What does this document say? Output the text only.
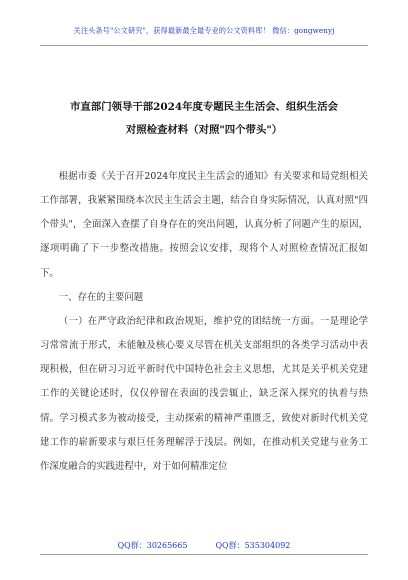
关注头条号"公文研究"，获得最新最全最专业的公文资料库！ 微信：gongwenyj
市直部门领导干部2024年度专题民主生活会、组织生活会
对照检查材料（对照"四个带头"）

根据市委《关于召开2024年度民主生活会的通知》有关要求和局党组相关工作部署，我紧紧围绕本次民主生活会主题，结合自身实际情况，认真对照"四个带头"，全面深入查摆了自身存在的突出问题，认真分析了问题产生的原因，逐项明确了下一步整改措施。按照会议安排，现将个人对照检查情况汇报如下。

一、存在的主要问题

（一）在严守政治纪律和政治规矩，维护党的团结统一方面。一是理论学习常常流于形式，未能触及核心要义尽管在机关支部组织的各类学习活动中表现积极，但在研习习近平新时代中国特色社会主义思想，尤其是关乎机关党建工作的关键论述时，仅仅停留在表面的浅尝辄止，缺乏深入探究的执着与热情。学习模式多为被动接受，主动探索的精神严重匮乏，致使对新时代机关党建工作的崭新要求与艰巨任务理解浮于浅层。例如，在推动机关党建与业务工作深度融合的实践进程中，对于如何精准定位

QQ群：30265665	QQ群：535304092
